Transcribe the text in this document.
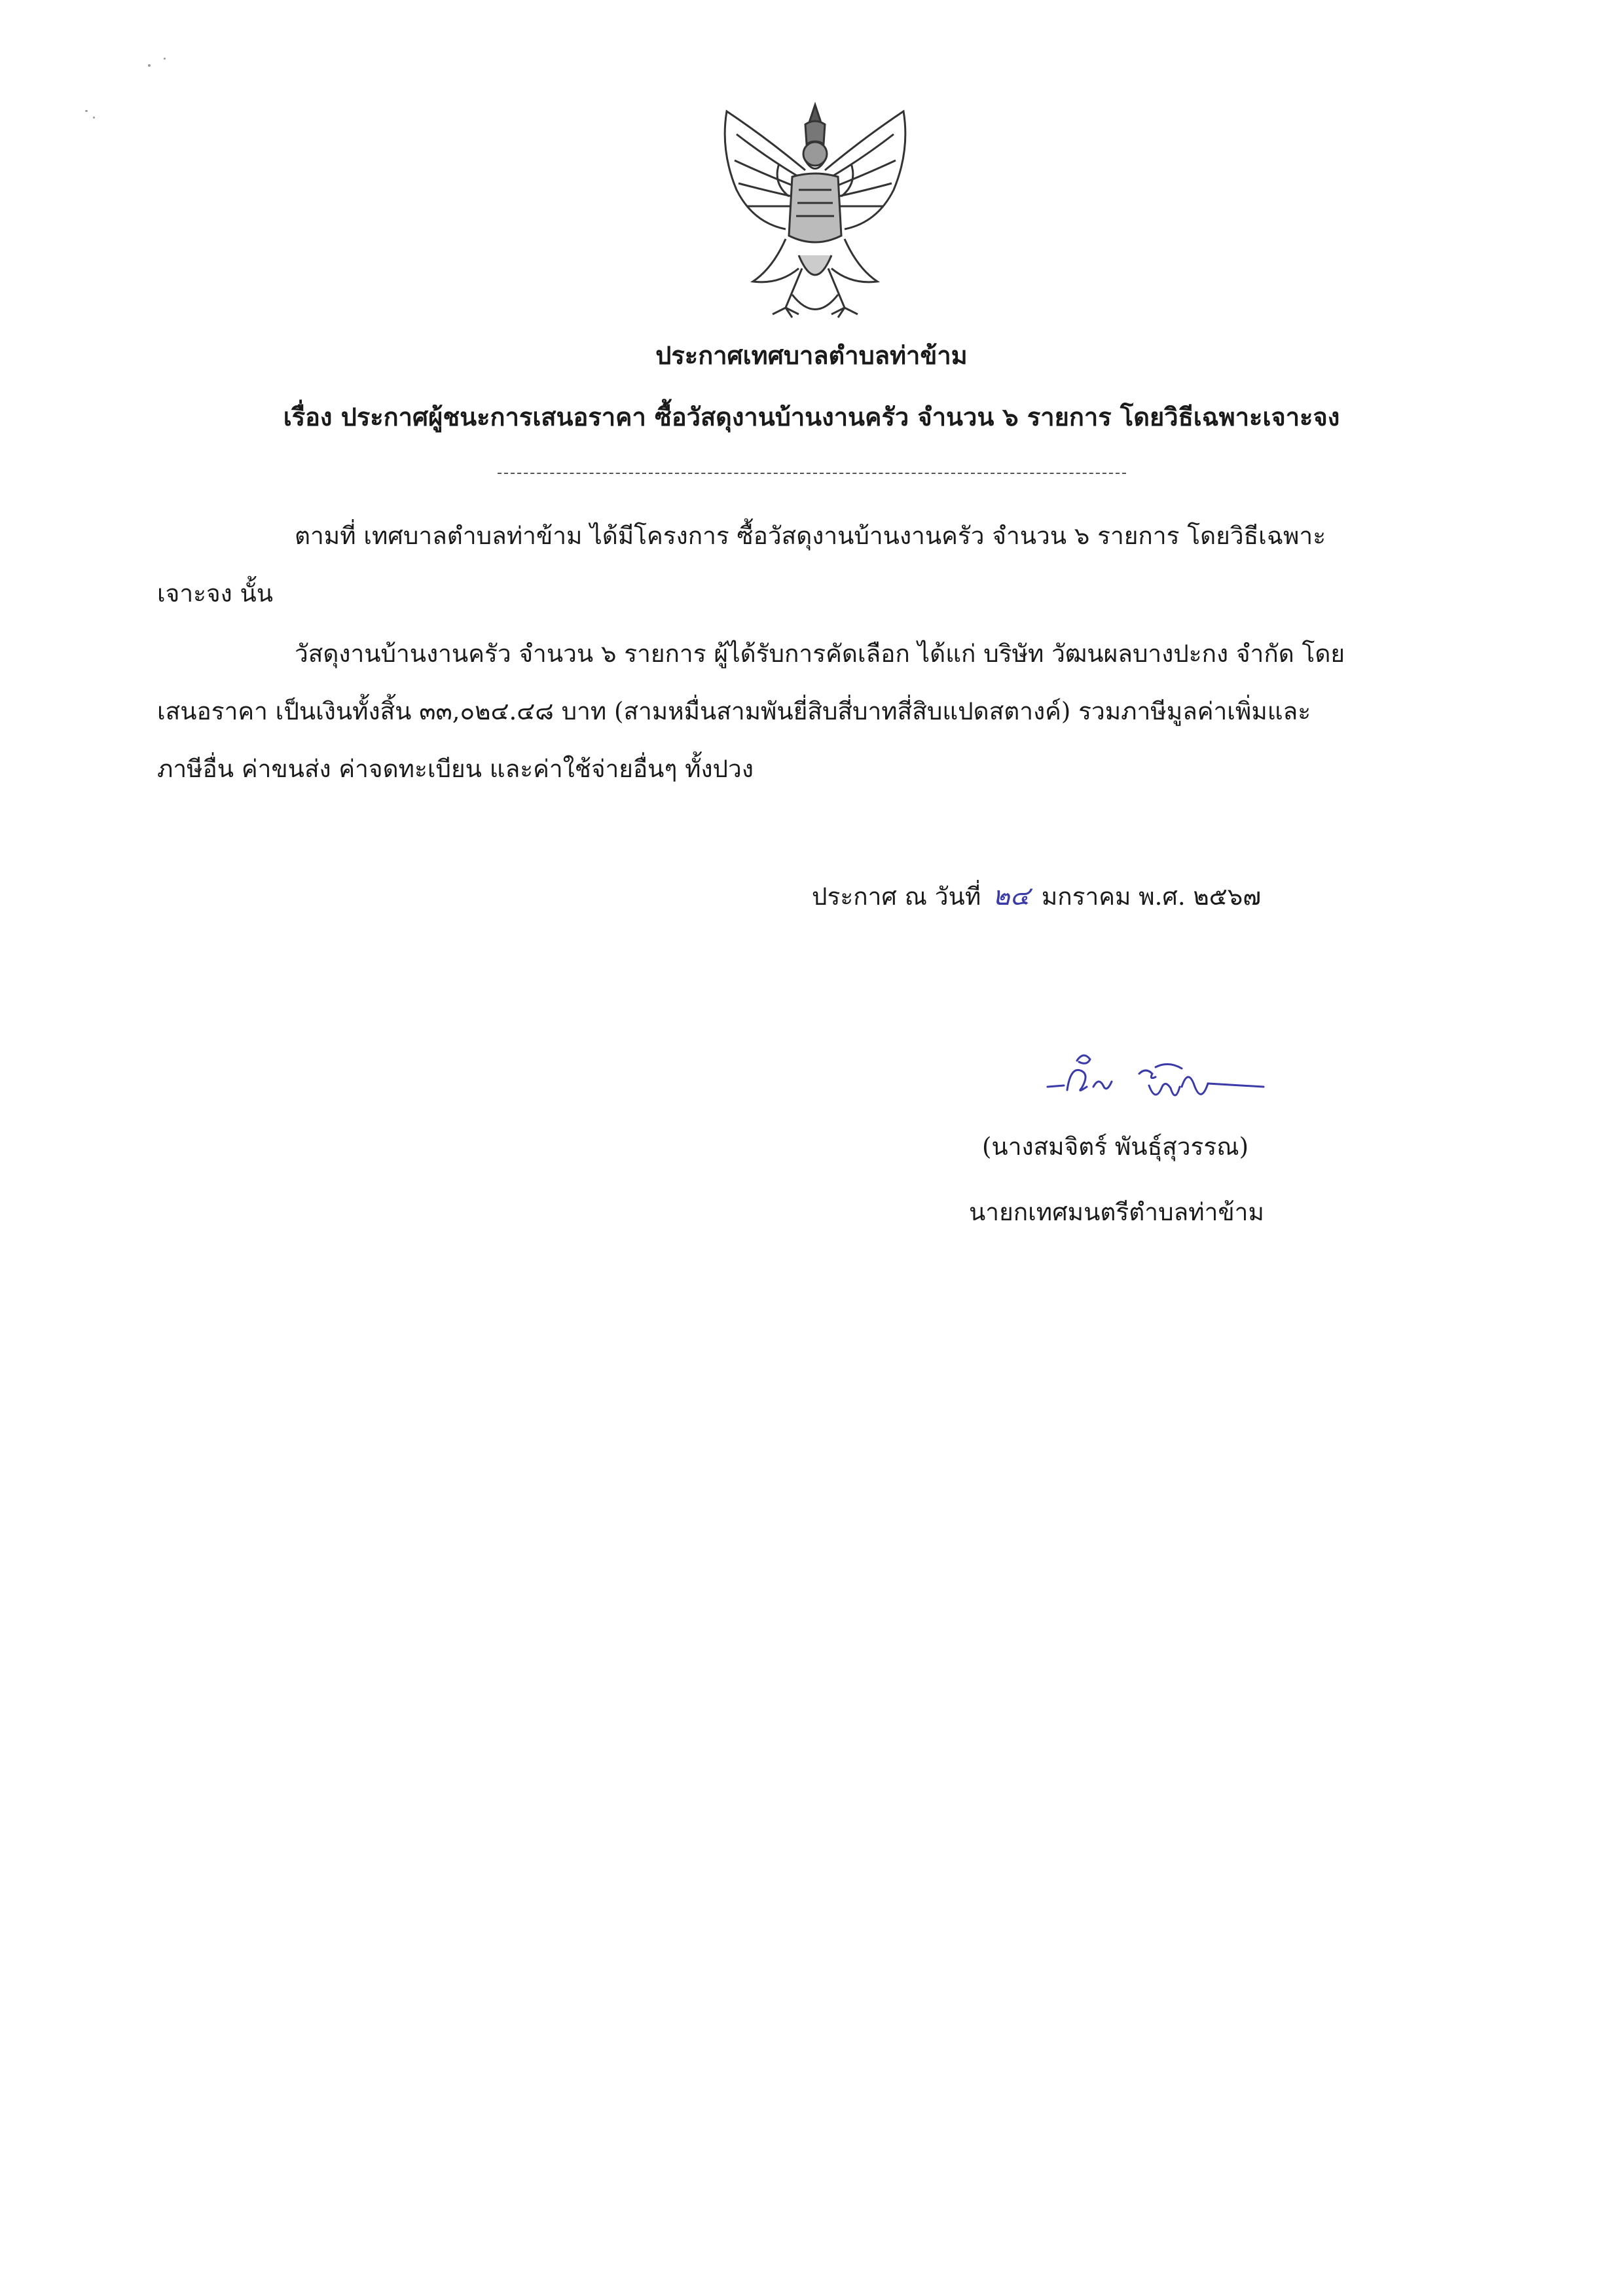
ประกาศเทศบาลตำบลท่าข้าม
เรื่อง ประกาศผู้ชนะการเสนอราคา ซื้อวัสดุงานบ้านงานครัว จำนวน ๖ รายการ โดยวิธีเฉพาะเจาะจง
ตามที่ เทศบาลตำบลท่าข้าม ได้มีโครงการ ซื้อวัสดุงานบ้านงานครัว จำนวน ๖ รายการ โดยวิธีเฉพาะ
เจาะจง นั้น
วัสดุงานบ้านงานครัว จำนวน ๖ รายการ ผู้ได้รับการคัดเลือก ได้แก่ บริษัท วัฒนผลบางปะกง จำกัด โดย
เสนอราคา เป็นเงินทั้งสิ้น ๓๓,๐๒๔.๔๘ บาท (สามหมื่นสามพันยี่สิบสี่บาทสี่สิบแปดสตางค์) รวมภาษีมูลค่าเพิ่มและ
ภาษีอื่น ค่าขนส่ง ค่าจดทะเบียน และค่าใช้จ่ายอื่นๆ ทั้งปวง
ประกาศ ณ วันที่ ๒๔ มกราคม พ.ศ. ๒๕๖๗
(นางสมจิตร์ พันธุ์สุวรรณ)
นายกเทศมนตรีตำบลท่าข้าม
